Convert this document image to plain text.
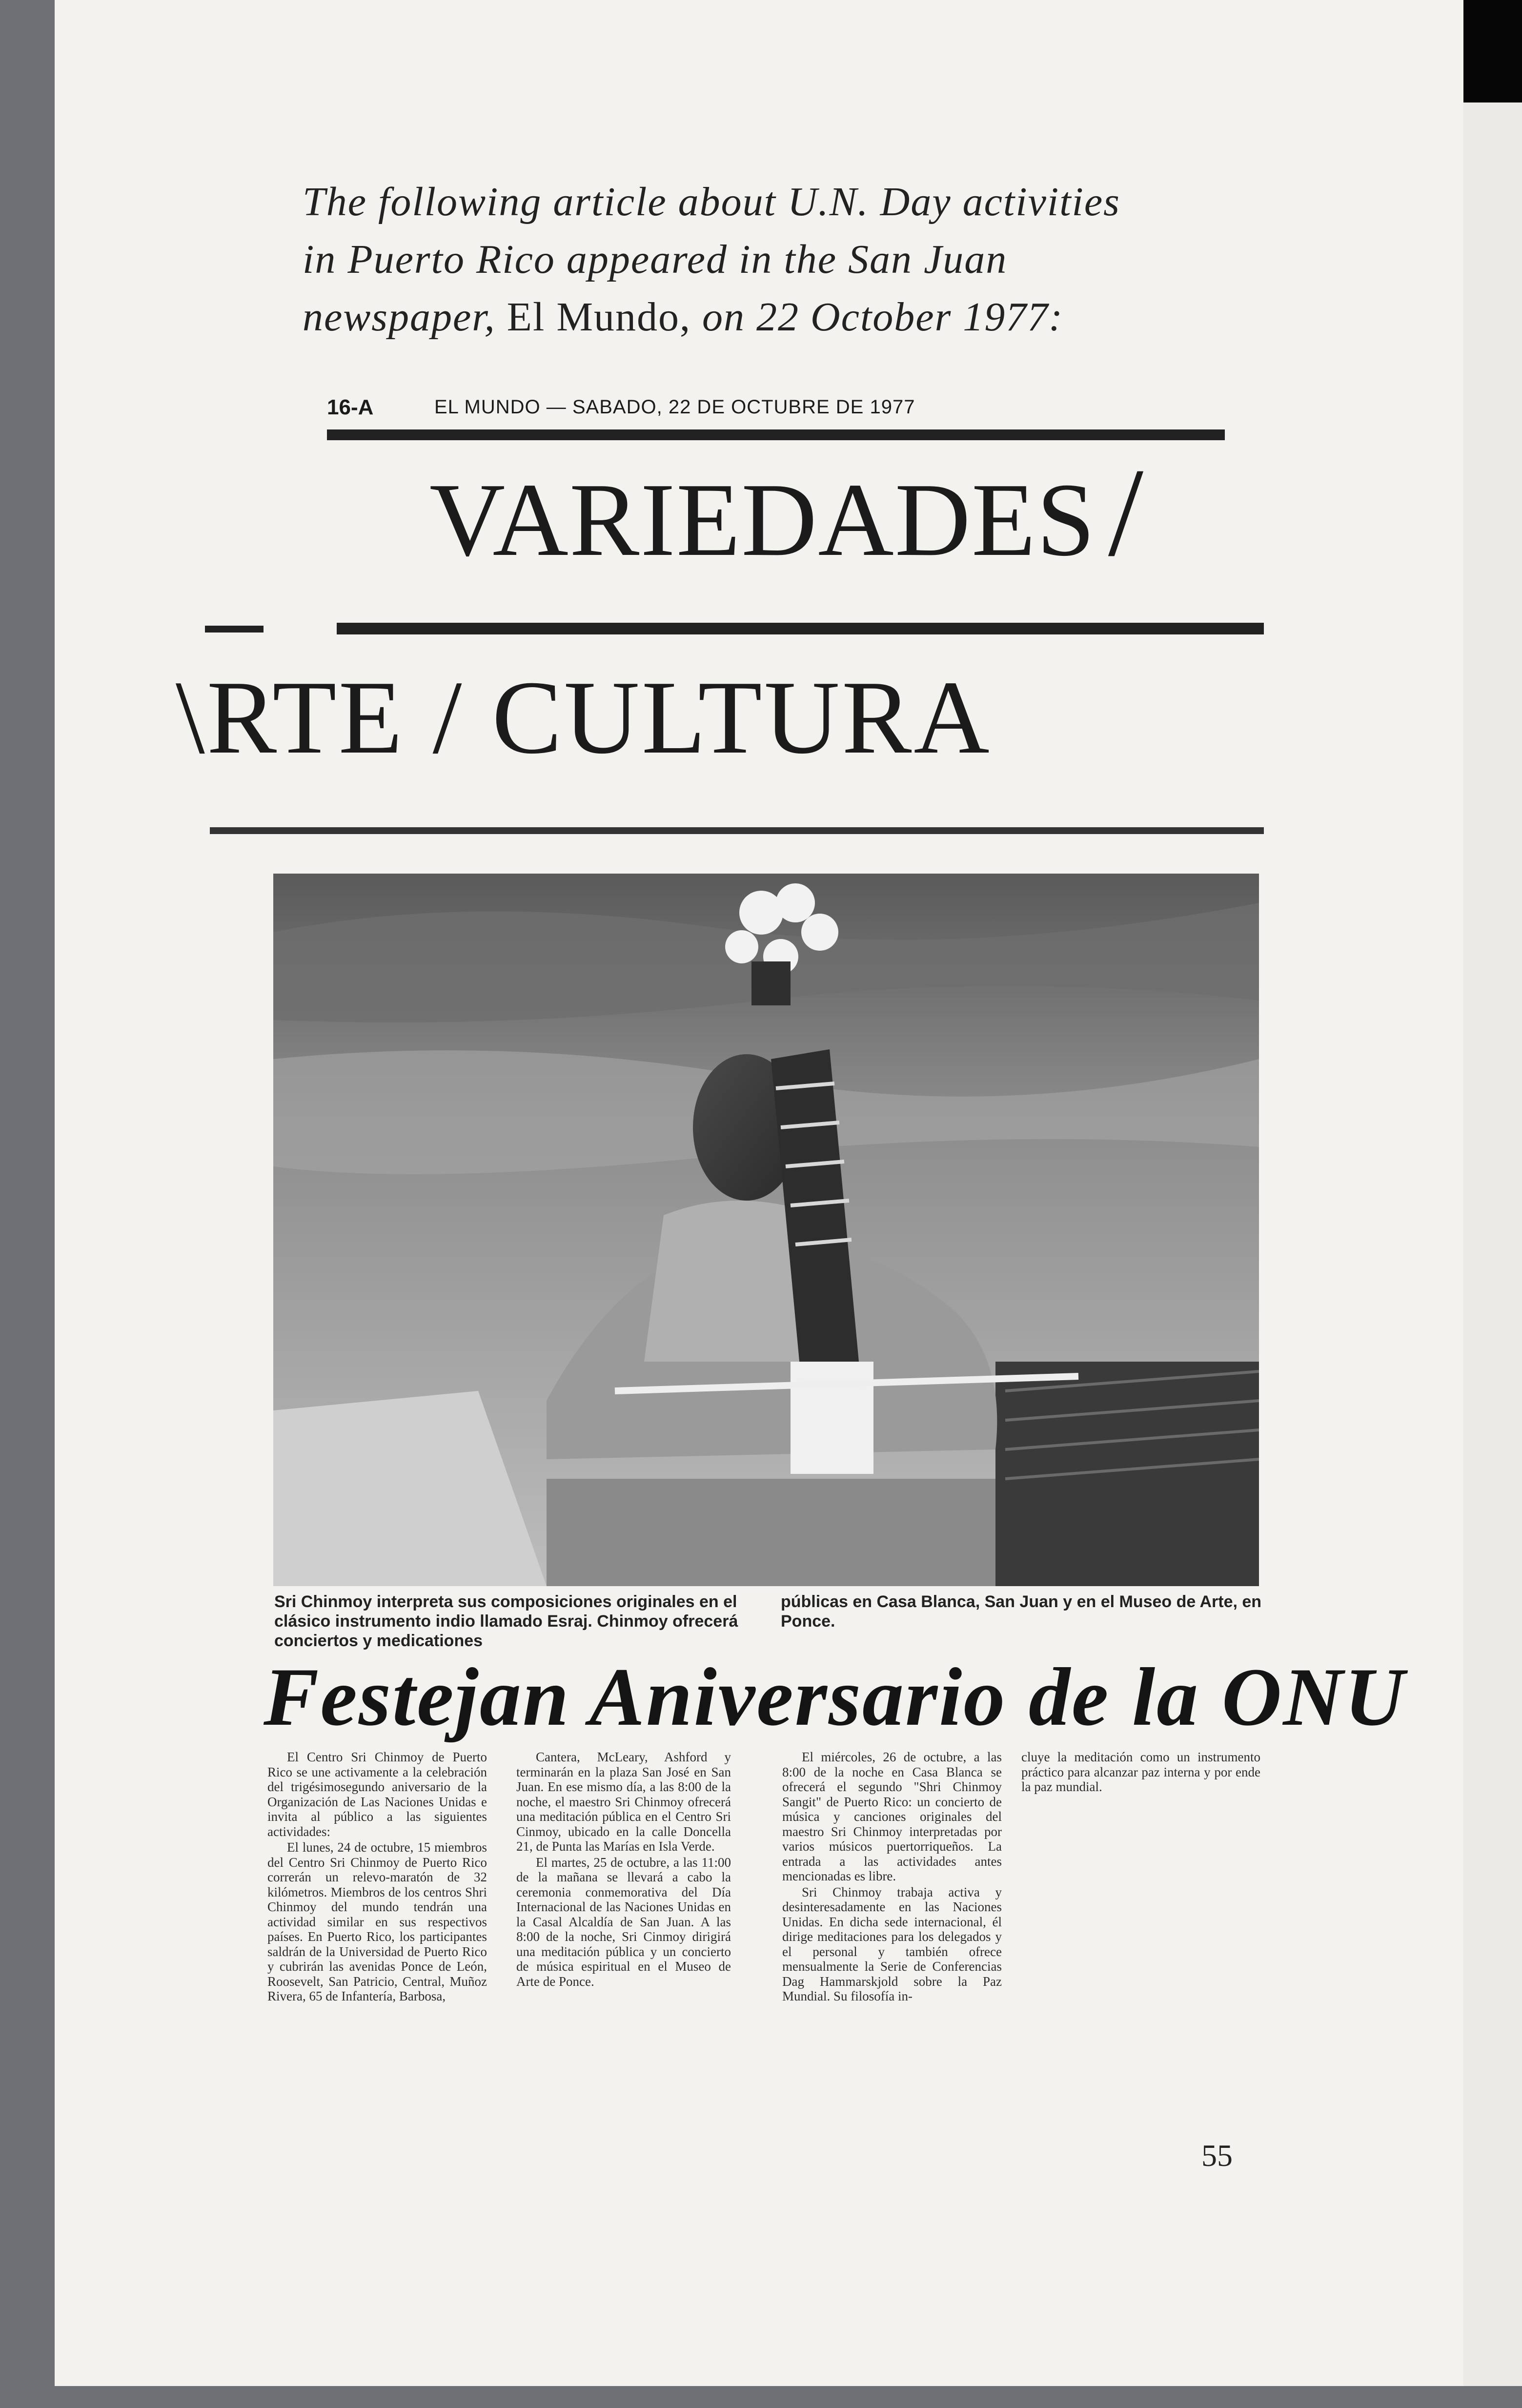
The following article about U.N. Day activities
in Puerto Rico appeared in the San Juan
newspaper, El Mundo, on 22 October 1977:
16-A	EL MUNDO — SABADO, 22 DE OCTUBRE DE 1977
VARIEDADES/
\RTE / CULTURA
Sri Chinmoy interpreta sus composiciones originales en el clásico instrumento indio llamado Esraj. Chinmoy ofrecerá conciertos y medicationes
públicas en Casa Blanca, San Juan y en el Museo de Arte, en Ponce.
Festejan Aniversario de la ONU

El Centro Sri Chinmoy de Puerto Rico se une activamente a la celebración del trigésimosegundo aniversario de la Organización de Las Naciones Unidas e invita al público a las siguientes actividades:

El lunes, 24 de octubre, 15 miembros del Centro Sri Chinmoy de Puerto Rico correrán un relevo-maratón de 32 kilómetros. Miembros de los centros Shri Chinmoy del mundo tendrán una actividad similar en sus respectivos países. En Puerto Rico, los participantes saldrán de la Universidad de Puerto Rico y cubrirán las avenidas Ponce de León, Roosevelt, San Patricio, Central, Muñoz Rivera, 65 de Infantería, Barbosa,

Cantera, McLeary, Ashford y terminarán en la plaza San José en San Juan. En ese mismo día, a las 8:00 de la noche, el maestro Sri Chinmoy ofrecerá una meditación pública en el Centro Sri Cinmoy, ubicado en la calle Doncella 21, de Punta las Marías en Isla Verde.

El martes, 25 de octubre, a las 11:00 de la mañana se llevará a cabo la ceremonia conmemorativa del Día Internacional de las Naciones Unidas en la Casal Alcaldía de San Juan. A las 8:00 de la noche, Sri Cinmoy dirigirá una meditación pública y un concierto de música espiritual en el Museo de Arte de Ponce.

El miércoles, 26 de octubre, a las 8:00 de la noche en Casa Blanca se ofrecerá el segundo "Shri Chinmoy Sangit" de Puerto Rico: un concierto de música y canciones originales del maestro Sri Chinmoy interpretadas por varios músicos puertorriqueños. La entrada a las actividades antes mencionadas es libre.

Sri Chinmoy trabaja activa y desinteresadamente en las Naciones Unidas. En dicha sede internacional, él dirige meditaciones para los delegados y el personal y también ofrece mensualmente la Serie de Conferencias Dag Hammarskjold sobre la Paz Mundial. Su filosofía in-

cluye la meditación como un instrumento práctico para alcanzar paz interna y por ende la paz mundial.

55
